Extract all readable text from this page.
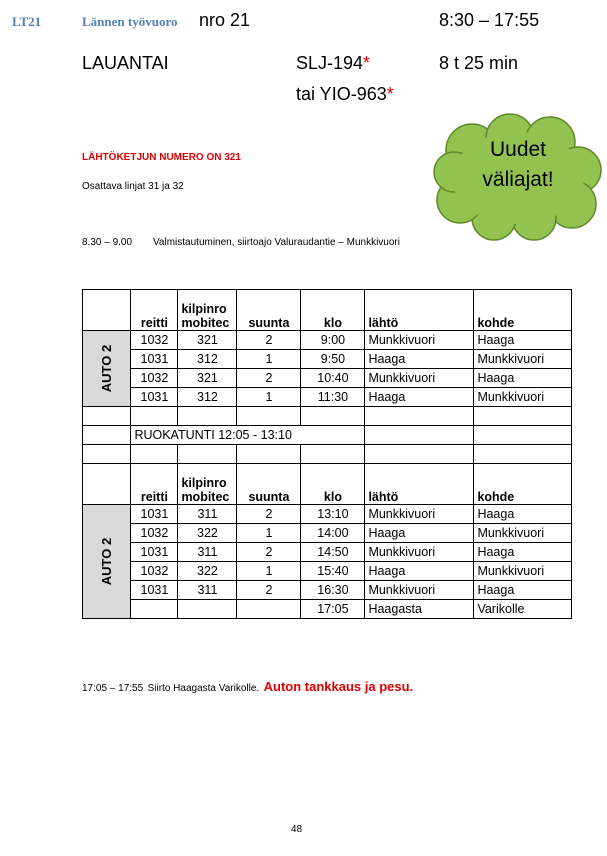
LT21	Lännen työvuoro nro 21	8:30 – 17:55
LAUANTAI	SLJ-194*
tai YIO-963*
8 t 25 min
Uudet
väliajat!
LÄHTÖKETJUN NUMERO ON 321
Osattava linjat 31 ja 32
8.30 – 9.00 Valmistautuminen, siirtoajo Valuraudantie – Munkkivuori
	reitti	kilpinro
mobitec	suunta	klo	lähtö	kohde
AUTO 2	1032	321	2	9:00	Munkkivuori	Haaga
	1031	312	1	9:50	Haaga	Munkkivuori
	1032	321	2	10:40	Munkkivuori	Haaga
	1031	312	1	11:30	Haaga	Munkkivuori

	RUOKATUNTI 12:05 - 13:10					

	reitti	kilpinro
mobitec	suunta	klo	lähtö	kohde
AUTO 2	1031	311	2	13:10	Munkkivuori	Haaga
	1032	322	1	14:00	Haaga	Munkkivuori
	1031	311	2	14:50	Munkkivuori	Haaga
	1032	322	1	15:40	Haaga	Munkkivuori
	1031	311	2	16:30	Munkkivuori	Haaga
				17:05	Haagasta	Varikolle
17:05 – 17:55 Siirto Haagasta Varikolle. Auton tankkaus ja pesu.
48
